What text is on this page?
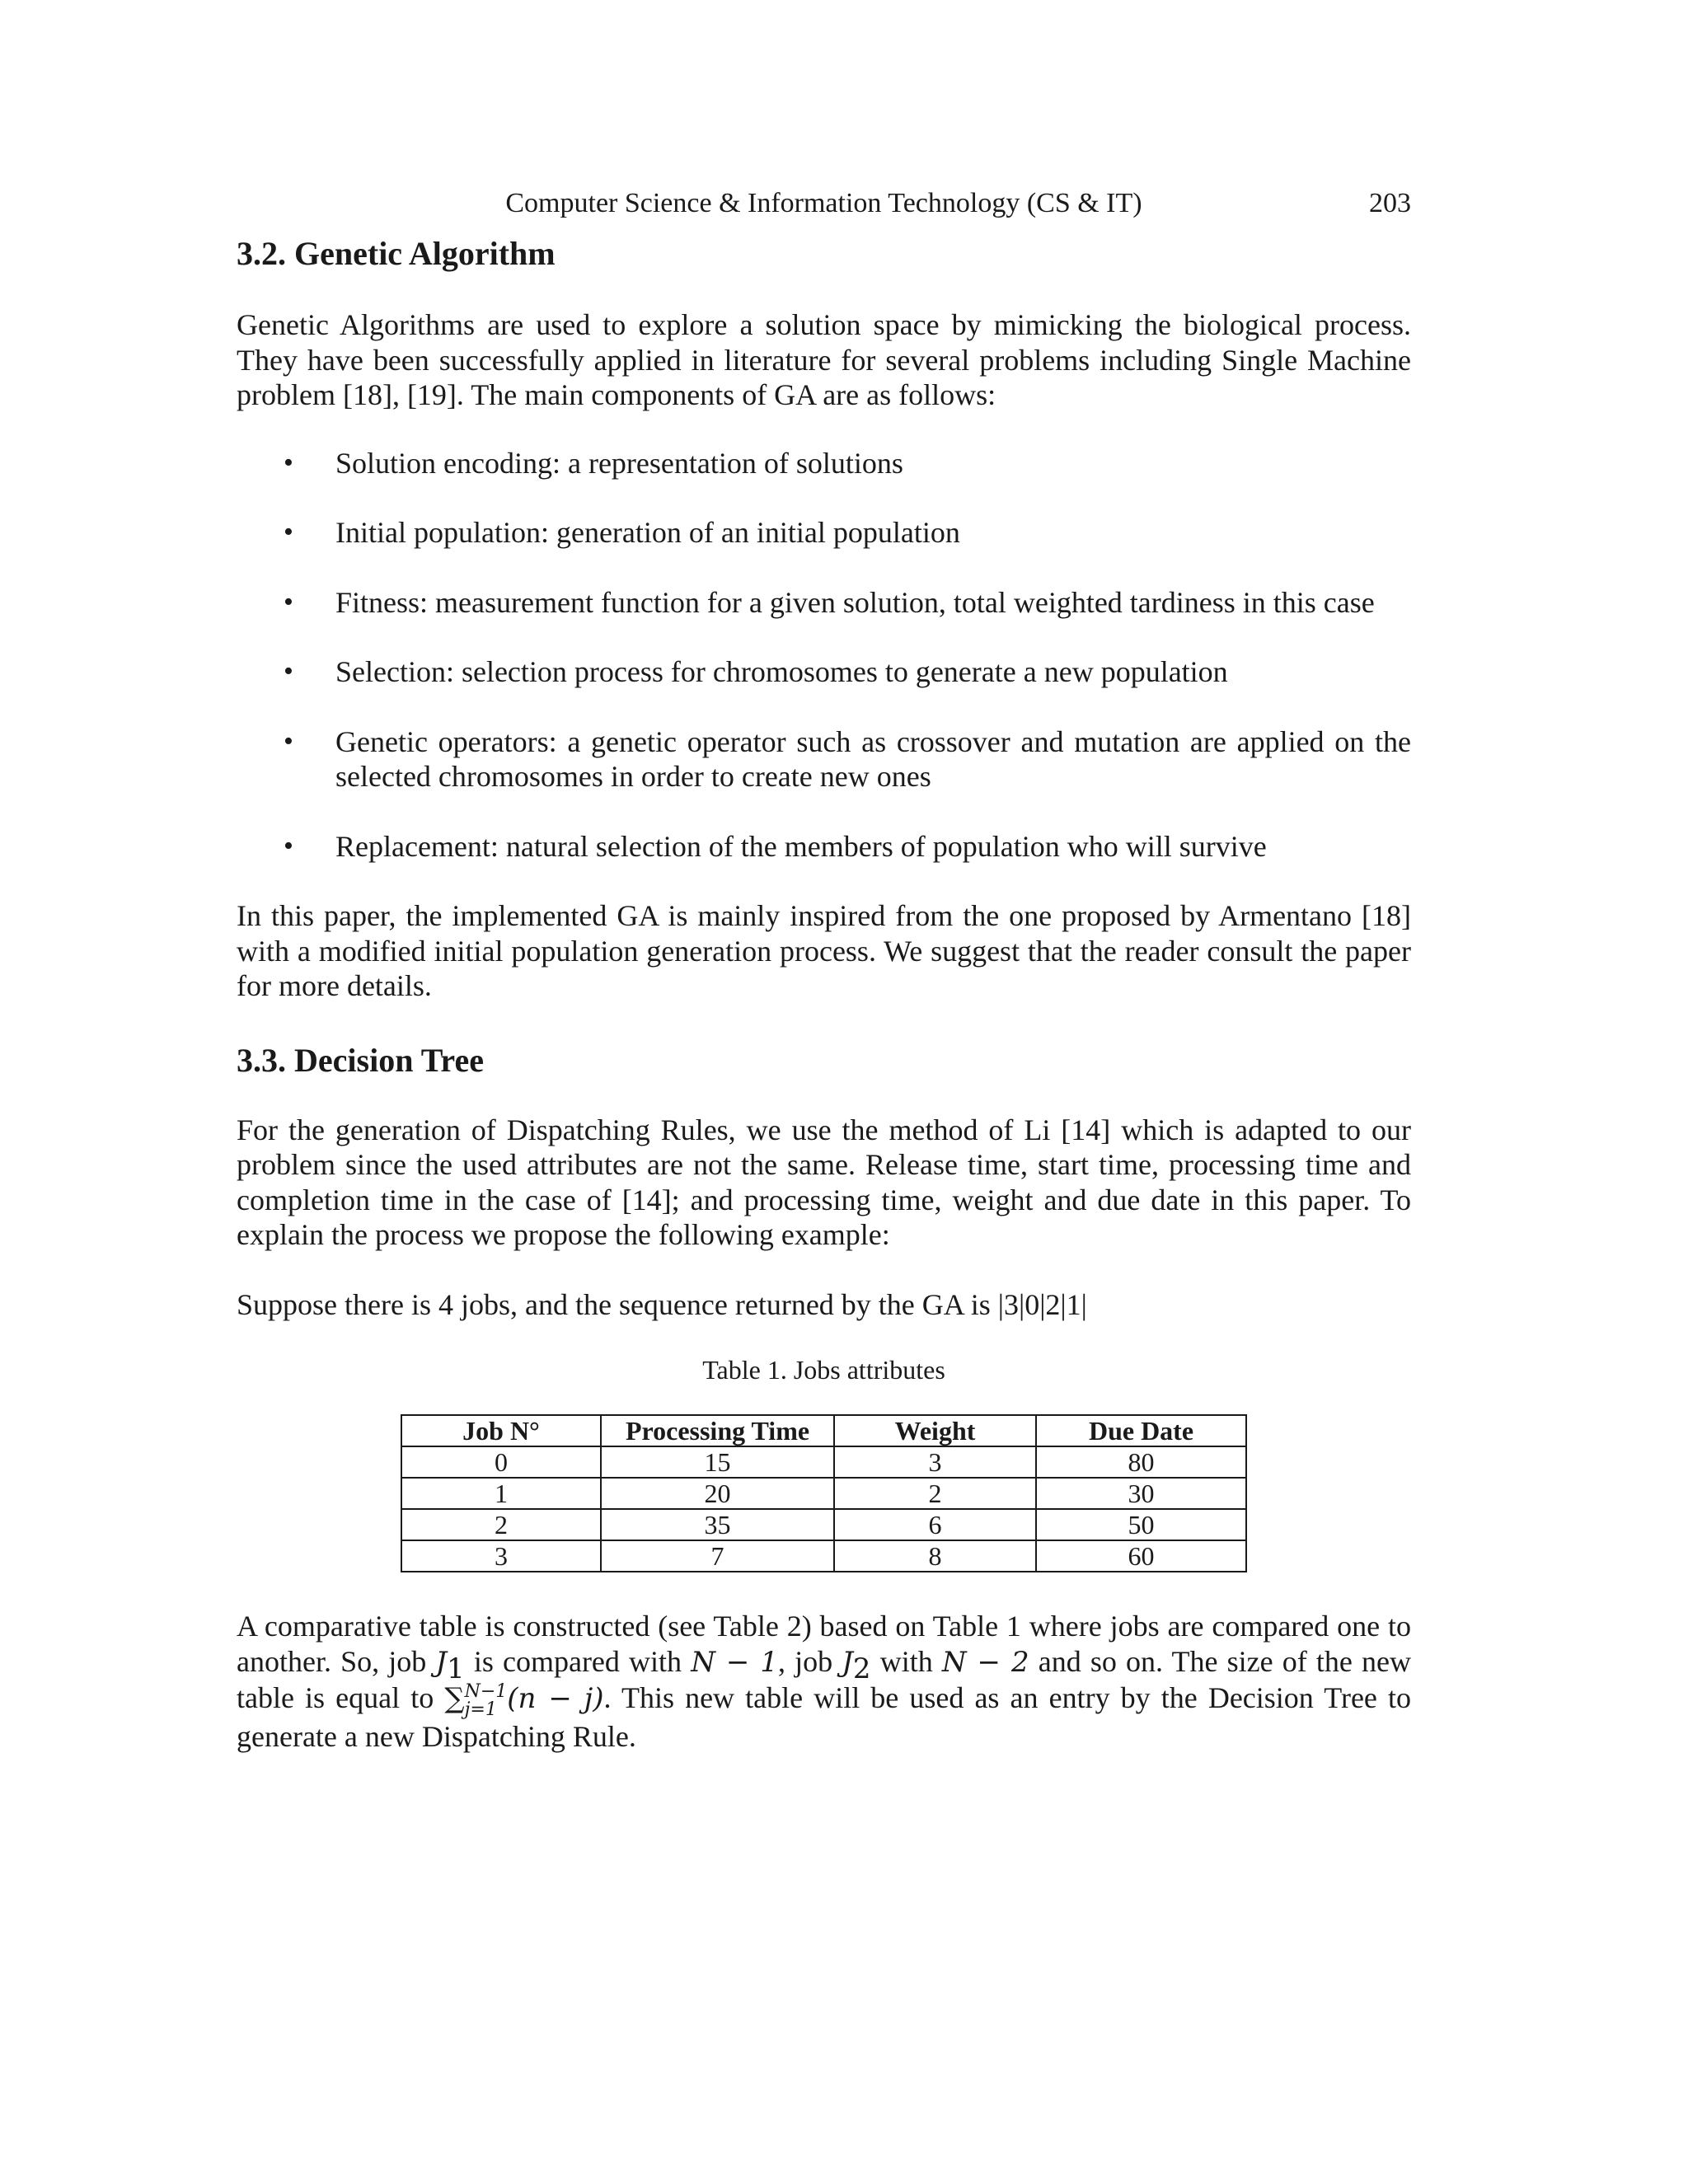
Computer Science & Information Technology (CS & IT)	203
3.2. Genetic Algorithm

Genetic Algorithms are used to explore a solution space by mimicking the biological process. They have been successfully applied in literature for several problems including Single Machine problem [18], [19]. The main components of GA are as follows:

• Solution encoding: a representation of solutions
• Initial population: generation of an initial population
• Fitness: measurement function for a given solution, total weighted tardiness in this case
• Selection: selection process for chromosomes to generate a new population
• Genetic operators: a genetic operator such as crossover and mutation are applied on the selected chromosomes in order to create new ones
• Replacement: natural selection of the members of population who will survive

In this paper, the implemented GA is mainly inspired from the one proposed by Armentano [18] with a modified initial population generation process. We suggest that the reader consult the paper for more details.

3.3. Decision Tree

For the generation of Dispatching Rules, we use the method of Li [14] which is adapted to our problem since the used attributes are not the same. Release time, start time, processing time and completion time in the case of [14]; and processing time, weight and due date in this paper. To explain the process we propose the following example:

Suppose there is 4 jobs, and the sequence returned by the GA is |3|0|2|1|

Table 1. Jobs attributes
Job N°	Processing Time	Weight	Due Date
0	15	3	80
1	20	2	30
2	35	6	50
3	7	8	60

A comparative table is constructed (see Table 2) based on Table 1 where jobs are compared one to another. So, job $J_1$ is compared with N − 1, job $J_2$ with N − 2 and so on. The size of the new table is equal to ∑N−1
j=1 (n − j). This new table will be used as an entry by the Decision Tree to generate a new Dispatching Rule.
